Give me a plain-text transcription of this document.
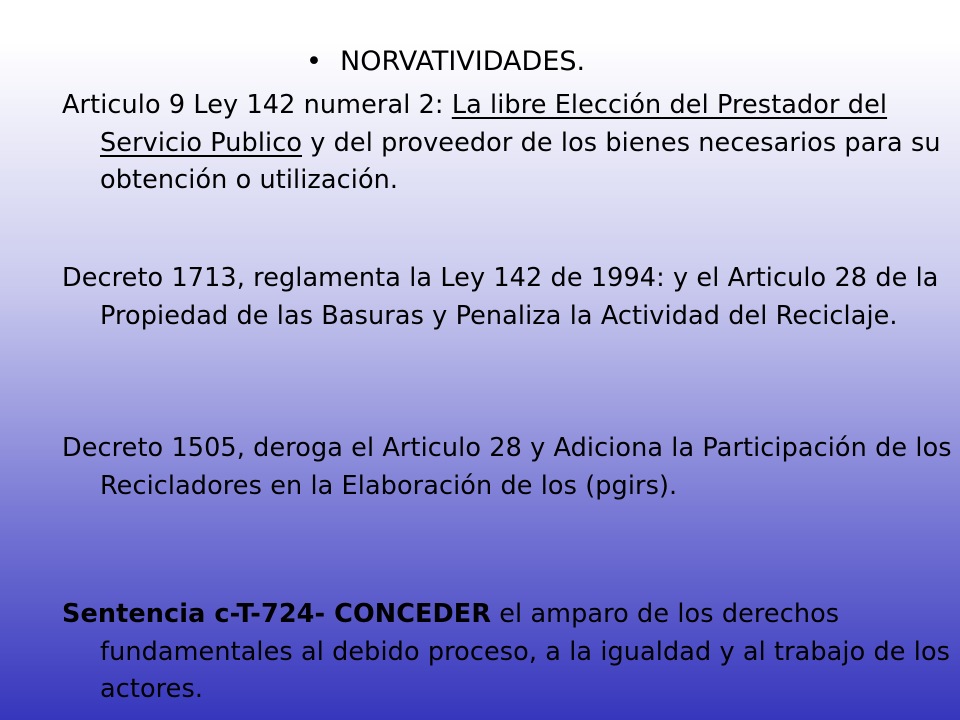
• NORVATIVIDADES.
Articulo 9 Ley 142 numeral 2: La libre Elección del Prestador del Servicio Publico y del proveedor de los bienes necesarios para su obtención o utilización.
Decreto 1713, reglamenta la Ley 142 de 1994: y el Articulo 28 de la Propiedad de las Basuras y Penaliza la Actividad del Reciclaje.
Decreto 1505, deroga el Articulo 28 y Adiciona la Participación de los Recicladores en la Elaboración de los (pgirs).
Sentencia c-T-724- CONCEDER el amparo de los derechos fundamentales al debido proceso, a la igualdad y al trabajo de los actores.
